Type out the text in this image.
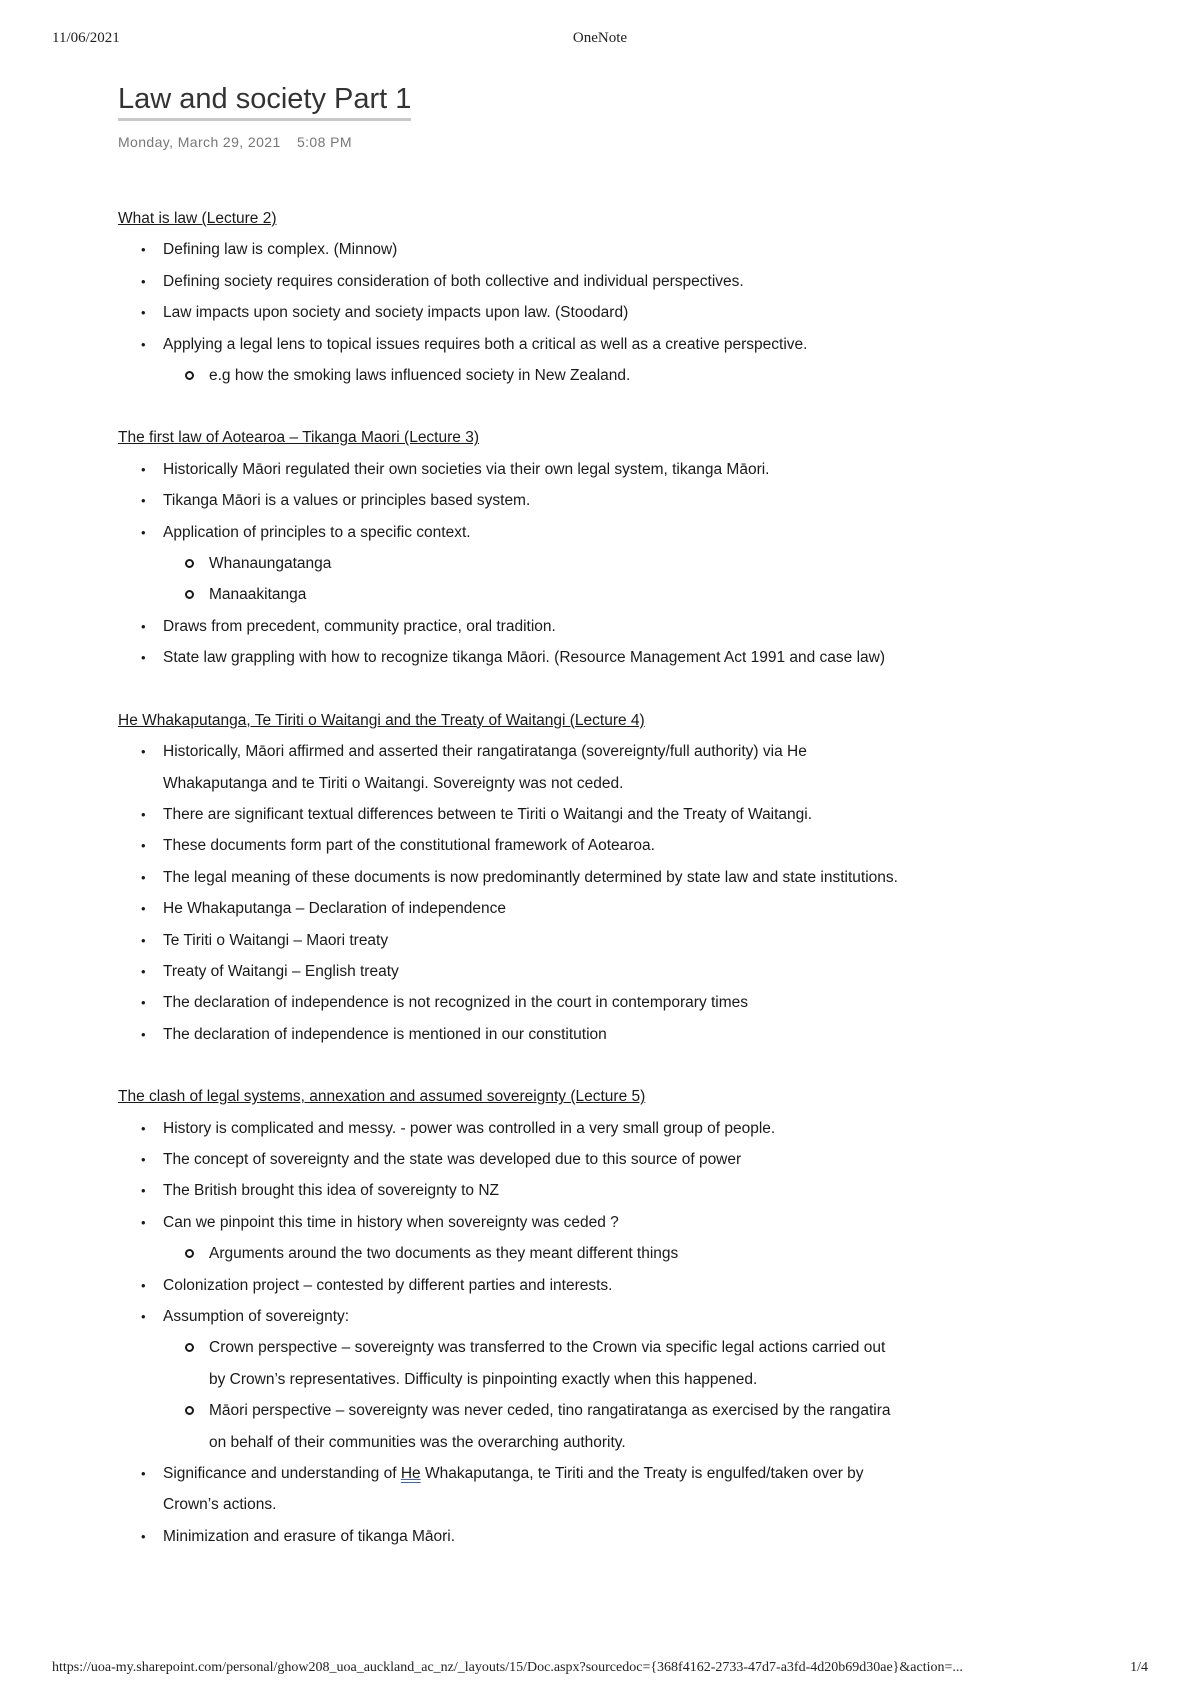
11/06/2021	OneNote
Law and society Part 1
Monday, March 29, 2021 5:08 PM

What is law (Lecture 2)

• Defining law is complex. (Minnow)
• Defining society requires consideration of both collective and individual perspectives.
• Law impacts upon society and society impacts upon law. (Stoodard)
• Applying a legal lens to topical issues requires both a critical as well as a creative perspective.
e.g how the smoking laws influenced society in New Zealand.

The first law of Aotearoa – Tikanga Maori (Lecture 3)

• Historically Māori regulated their own societies via their own legal system, tikanga Māori.
• Tikanga Māori is a values or principles based system.
• Application of principles to a specific context.
Whanaungatanga
Manaakitanga
• Draws from precedent, community practice, oral tradition.
• State law grappling with how to recognize tikanga Māori. (Resource Management Act 1991 and case law)

He Whakaputanga, Te Tiriti o Waitangi and the Treaty of Waitangi (Lecture 4)

• Historically, Māori affirmed and asserted their rangatiratanga (sovereignty/full authority) via He Whakaputanga and te Tiriti o Waitangi. Sovereignty was not ceded.
• There are significant textual differences between te Tiriti o Waitangi and the Treaty of Waitangi.
• These documents form part of the constitutional framework of Aotearoa.
• The legal meaning of these documents is now predominantly determined by state law and state institutions.
• He Whakaputanga – Declaration of independence
• Te Tiriti o Waitangi – Maori treaty
• Treaty of Waitangi – English treaty
• The declaration of independence is not recognized in the court in contemporary times
• The declaration of independence is mentioned in our constitution

The clash of legal systems, annexation and assumed sovereignty (Lecture 5)

• History is complicated and messy. - power was controlled in a very small group of people.
• The concept of sovereignty and the state was developed due to this source of power
• The British brought this idea of sovereignty to NZ
• Can we pinpoint this time in history when sovereignty was ceded ?
Arguments around the two documents as they meant different things
• Colonization project – contested by different parties and interests.
• Assumption of sovereignty:
Crown perspective – sovereignty was transferred to the Crown via specific legal actions carried out by Crown’s representatives. Difficulty is pinpointing exactly when this happened.
Māori perspective – sovereignty was never ceded, tino rangatiratanga as exercised by the rangatira on behalf of their communities was the overarching authority.
• Significance and understanding of He Whakaputanga, te Tiriti and the Treaty is engulfed/taken over by Crown’s actions.
• Minimization and erasure of tikanga Māori.
https://uoa-my.sharepoint.com/personal/ghow208_uoa_auckland_ac_nz/_layouts/15/Doc.aspx?sourcedoc={368f4162-2733-47d7-a3fd-4d20b69d30ae}&action=...	1/4
